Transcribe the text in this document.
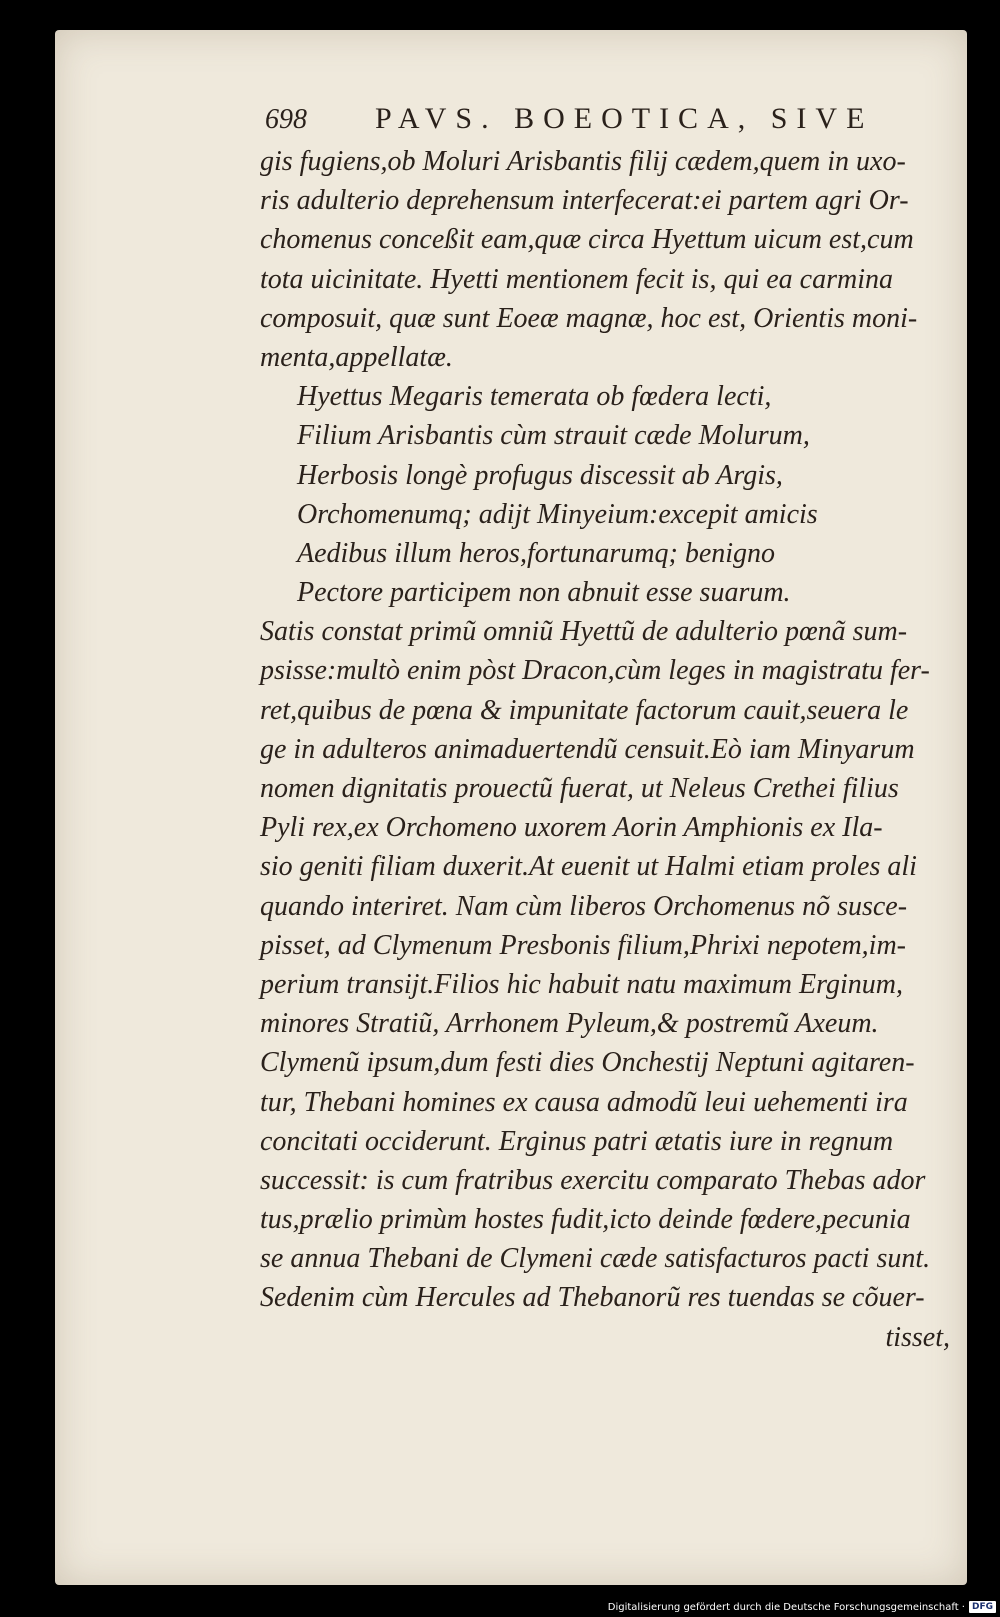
698 PAVS. BOEOTICA, SIVE
gis fugiens,ob Moluri Arisbantis filij cædem,quem in uxo-
ris adulterio deprehensum interfecerat:ei partem agri Or-
chomenus conceßit eam,quæ circa Hyettum uicum est,cum
tota uicinitate. Hyetti mentionem fecit is, qui ea carmina
composuit, quæ sunt Eoeæ magnæ, hoc est, Orientis moni-
menta,appellatæ.
Hyettus Megaris temerata ob fœdera lecti,
Filium Arisbantis cùm strauit cæde Molurum,
Herbosis longè profugus discessit ab Argis,
Orchomenumq; adijt Minyeium:excepit amicis
Aedibus illum heros,fortunarumq; benigno
Pectore participem non abnuit esse suarum.
Satis constat primũ omniũ Hyettũ de adulterio pœnã sum-
psisse:multò enim pòst Dracon,cùm leges in magistratu fer-
ret,quibus de pœna & impunitate factorum cauit,seuera le
ge in adulteros animaduertendũ censuit.Eò iam Minyarum
nomen dignitatis prouectũ fuerat, ut Neleus Crethei filius
Pyli rex,ex Orchomeno uxorem Aorin Amphionis ex Ila-
sio geniti filiam duxerit.At euenit ut Halmi etiam proles ali
quando interiret. Nam cùm liberos Orchomenus nõ susce-
pisset, ad Clymenum Presbonis filium,Phrixi nepotem,im-
perium transijt.Filios hic habuit natu maximum Erginum,
minores Stratiũ, Arrhonem Pyleum,& postremũ Axeum.
Clymenũ ipsum,dum festi dies Onchestij Neptuni agitaren-
tur, Thebani homines ex causa admodũ leui uehementi ira
concitati occiderunt. Erginus patri ætatis iure in regnum
successit: is cum fratribus exercitu comparato Thebas ador
tus,prælio primùm hostes fudit,icto deinde fœdere,pecunia
se annua Thebani de Clymeni cæde satisfacturos pacti sunt.
Sedenim cùm Hercules ad Thebanorũ res tuendas se cõuer-
tisset,
Digitalisierung gefördert durch die Deutsche Forschungsgemeinschaft · DFG
